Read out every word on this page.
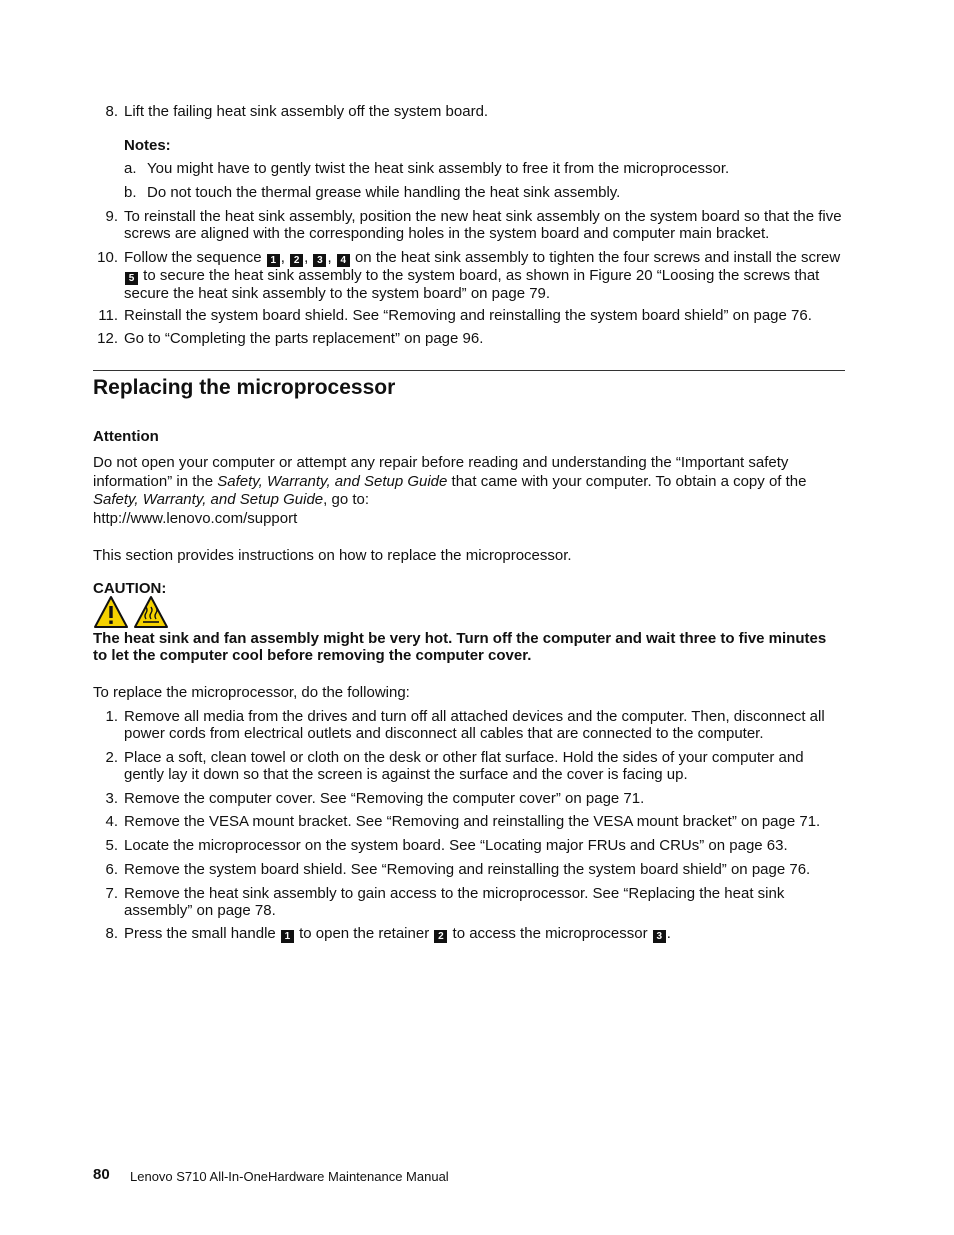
8. Lift the failing heat sink assembly off the system board.
Notes:
a. You might have to gently twist the heat sink assembly to free it from the microprocessor.
b. Do not touch the thermal grease while handling the heat sink assembly.
9. To reinstall the heat sink assembly, position the new heat sink assembly on the system board so that the five screws are aligned with the corresponding holes in the system board and computer main bracket.
10. Follow the sequence 1 , 2 , 3 , 4 on the heat sink assembly to tighten the four screws and install the screw 5 to secure the heat sink assembly to the system board, as shown in Figure 20 “Loosing the screws that secure the heat sink assembly to the system board” on page 79.
11. Reinstall the system board shield. See “Removing and reinstalling the system board shield” on page 76.
12. Go to “Completing the parts replacement” on page 96.
Replacing the microprocessor
Attention
Do not open your computer or attempt any repair before reading and understanding the “Important safety information” in the Safety, Warranty, and Setup Guide that came with your computer. To obtain a copy of the Safety, Warranty, and Setup Guide, go to:
http://www.lenovo.com/support
This section provides instructions on how to replace the microprocessor.
CAUTION:
The heat sink and fan assembly might be very hot. Turn off the computer and wait three to five minutes to let the computer cool before removing the computer cover.
To replace the microprocessor, do the following:
1. Remove all media from the drives and turn off all attached devices and the computer. Then, disconnect all power cords from electrical outlets and disconnect all cables that are connected to the computer.
2. Place a soft, clean towel or cloth on the desk or other flat surface. Hold the sides of your computer and gently lay it down so that the screen is against the surface and the cover is facing up.
3. Remove the computer cover. See “Removing the computer cover” on page 71.
4. Remove the VESA mount bracket. See “Removing and reinstalling the VESA mount bracket” on page 71.
5. Locate the microprocessor on the system board. See “Locating major FRUs and CRUs” on page 63.
6. Remove the system board shield. See “Removing and reinstalling the system board shield” on page 76.
7. Remove the heat sink assembly to gain access to the microprocessor. See “Replacing the heat sink assembly” on page 78.
8. Press the small handle 1 to open the retainer 2 to access the microprocessor 3 .
80 Lenovo S710 All-In-OneHardware Maintenance Manual
